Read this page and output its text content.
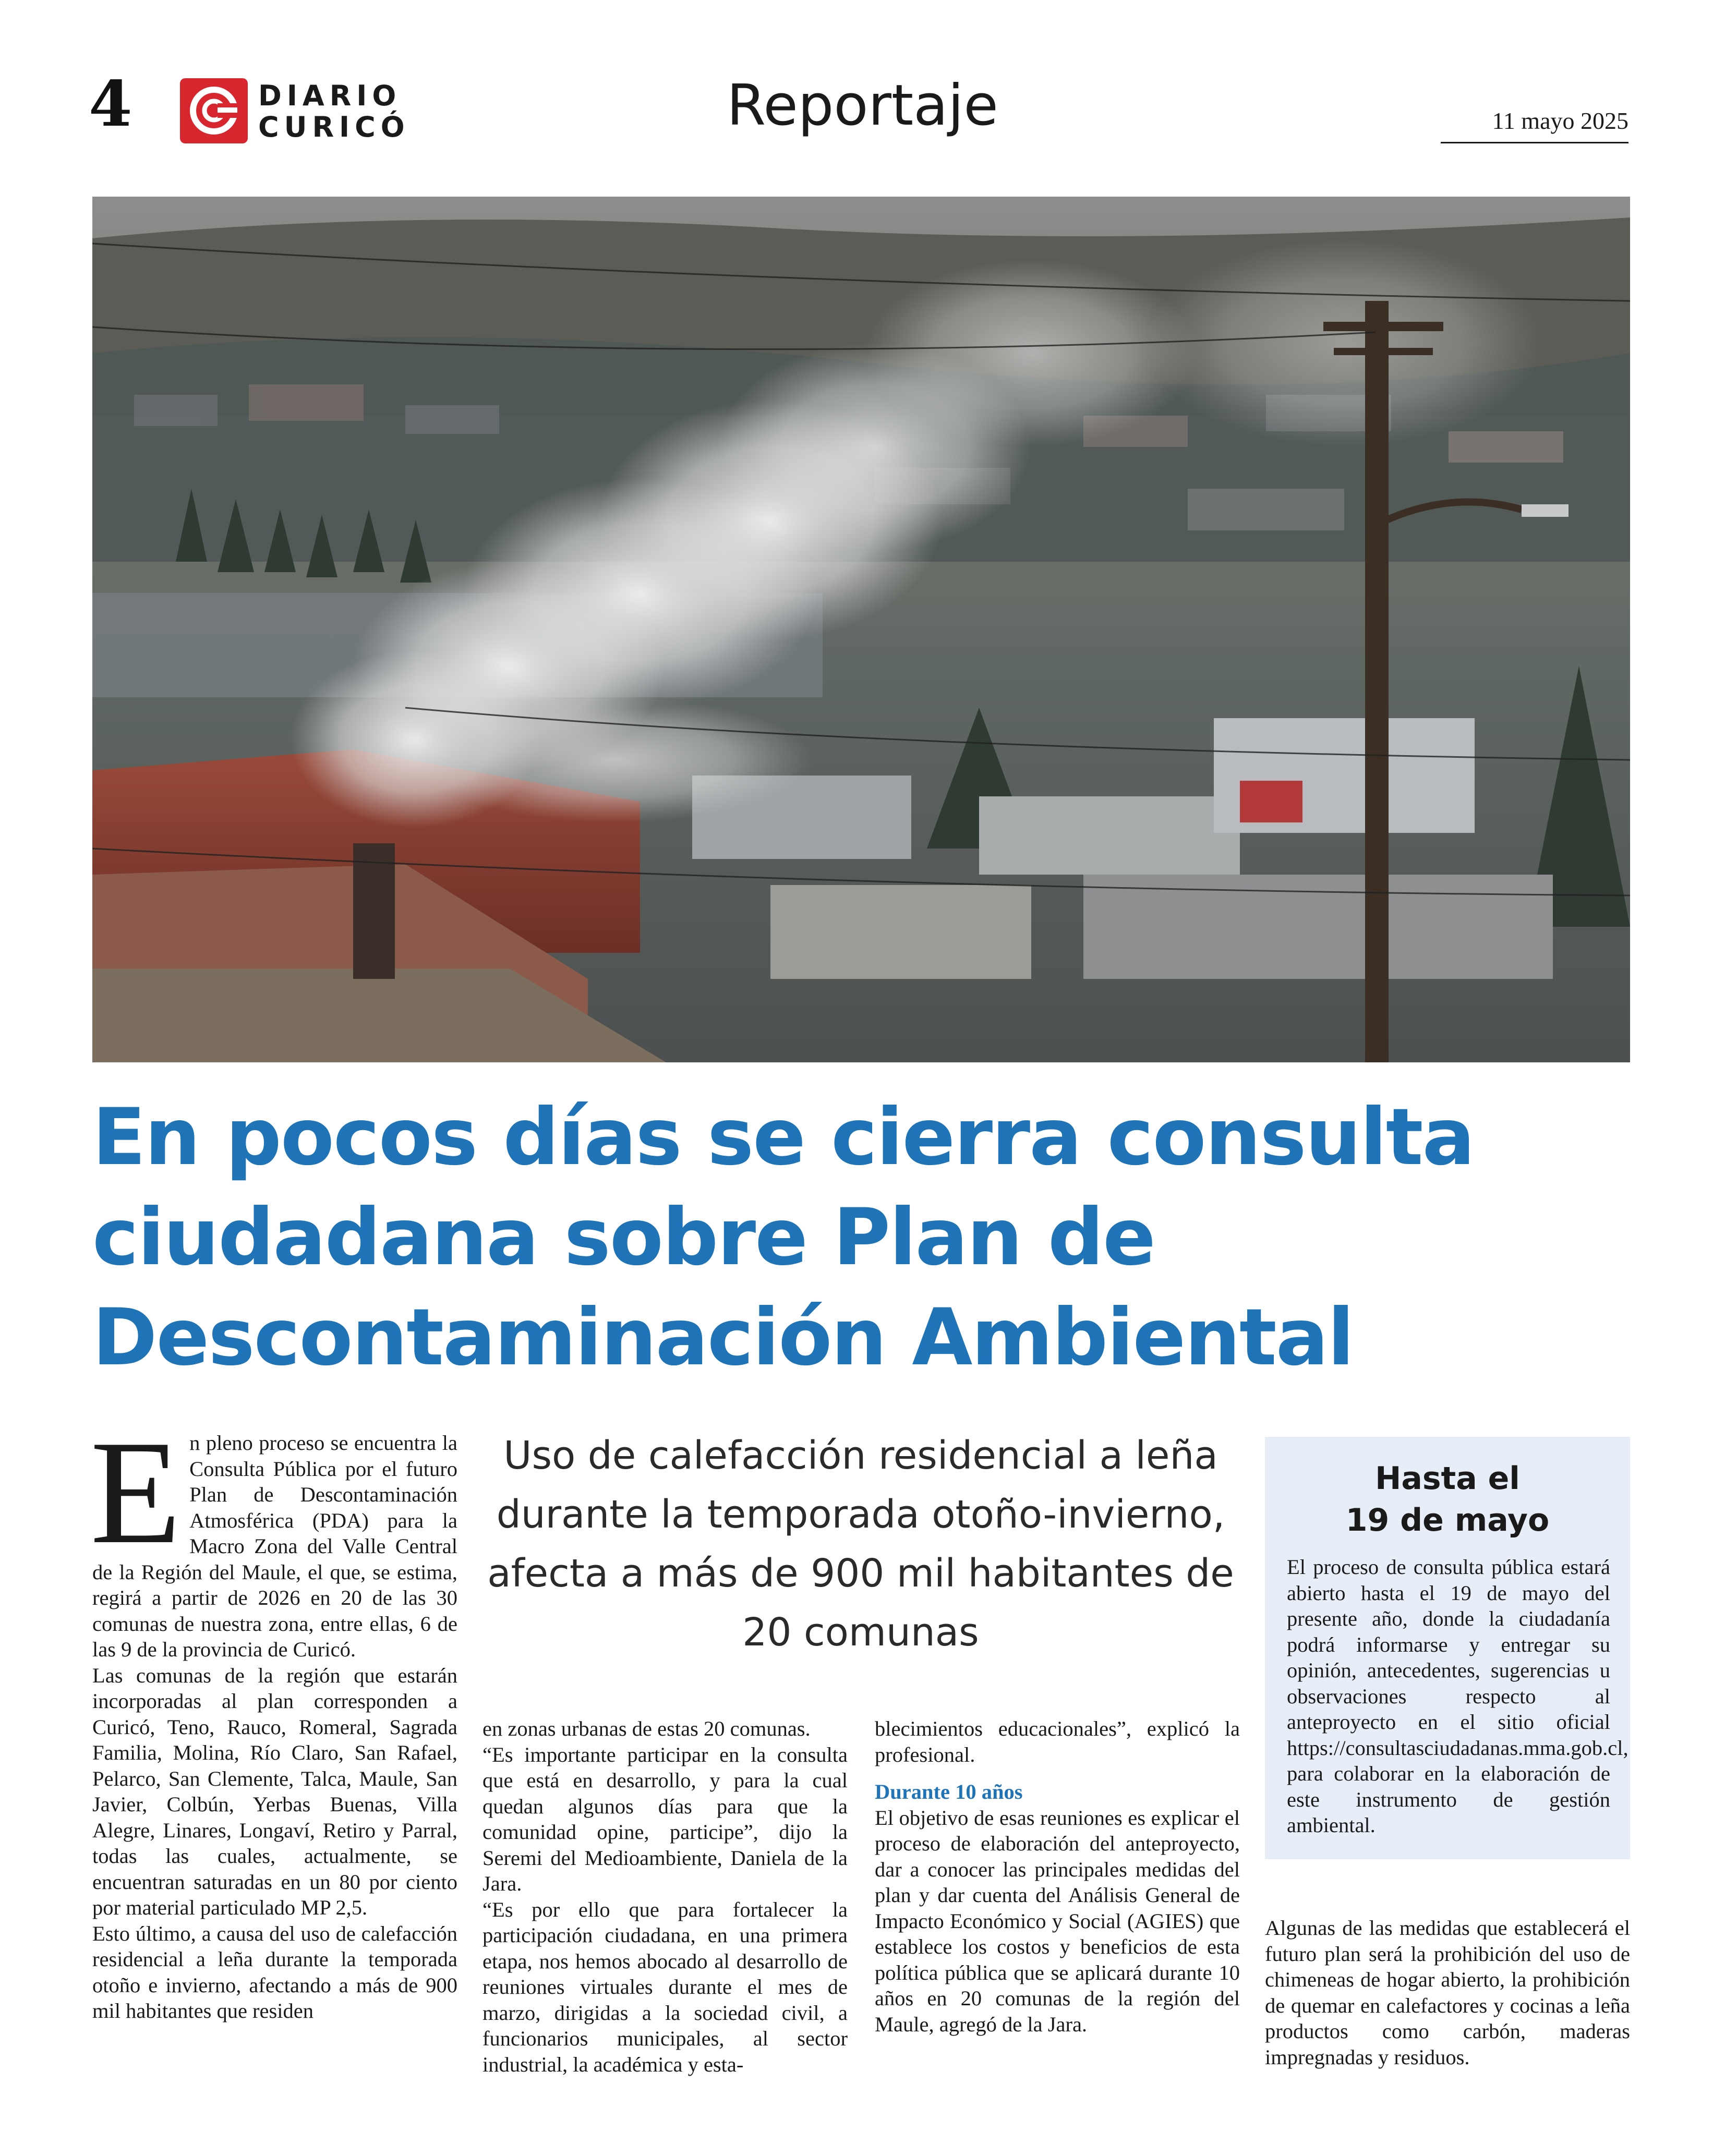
4	DIARIO
CURICÓ	Reportaje	11 mayo 2025
En pocos días se cierra consulta ciudadana sobre Plan de Descontaminación Ambiental
E n pleno proceso se encuentra la Consulta Pública por el futuro Plan de Descontaminación Atmosférica (PDA) para la Macro Zona del Valle Central de la Región del Maule, el que, se estima, regirá a partir de 2026 en 20 de las 30 comunas de nuestra zona, entre ellas, 6 de las 9 de la provincia de Curicó.

Las comunas de la región que estarán incorporadas al plan corresponden a Curicó, Teno, Rauco, Romeral, Sagrada Familia, Molina, Río Claro, San Rafael, Pelarco, San Clemente, Talca, Maule, San Javier, Colbún, Yerbas Buenas, Villa Alegre, Linares, Longaví, Retiro y Parral, todas las cuales, actualmente, se encuentran saturadas en un 80 por ciento por material particulado MP 2,5.

Esto último, a causa del uso de calefacción residencial a leña durante la temporada otoño e invierno, afectando a más de 900 mil habitantes que residen

Uso de calefacción residencial a leña durante la temporada otoño-invierno, afecta a más de 900 mil habitantes de 20 comunas

en zonas urbanas de estas 20 comunas.

“Es importante participar en la consulta que está en desarrollo, y para la cual quedan algunos días para que la comunidad opine, participe”, dijo la Seremi del Medioambiente, Daniela de la Jara.

“Es por ello que para fortalecer la participación ciudadana, en una primera etapa, nos hemos abocado al desarrollo de reuniones virtuales durante el mes de marzo, dirigidas a la sociedad civil, a funcionarios municipales, al sector industrial, la académica y esta-

blecimientos educacionales”, explicó la profesional.

Durante 10 años

El objetivo de esas reuniones es explicar el proceso de elaboración del anteproyecto, dar a conocer las principales medidas del plan y dar cuenta del Análisis General de Impacto Económico y Social (AGIES) que establece los costos y beneficios de esta política pública que se aplicará durante 10 años en 20 comunas de la región del Maule, agregó de la Jara.

Hasta el
19 de mayo
El proceso de consulta pública estará abierto hasta el 19 de mayo del presente año, donde la ciudadanía podrá informarse y entregar su opinión, antecedentes, sugerencias u observaciones respecto al anteproyecto en el sitio oficial https://consultasciudadanas.mma.gob.cl, para colaborar en la elaboración de este instrumento de gestión ambiental.

Algunas de las medidas que establecerá el futuro plan será la prohibición del uso de chimeneas de hogar abierto, la prohibición de quemar en calefactores y cocinas a leña productos como carbón, maderas impregnadas y residuos.
